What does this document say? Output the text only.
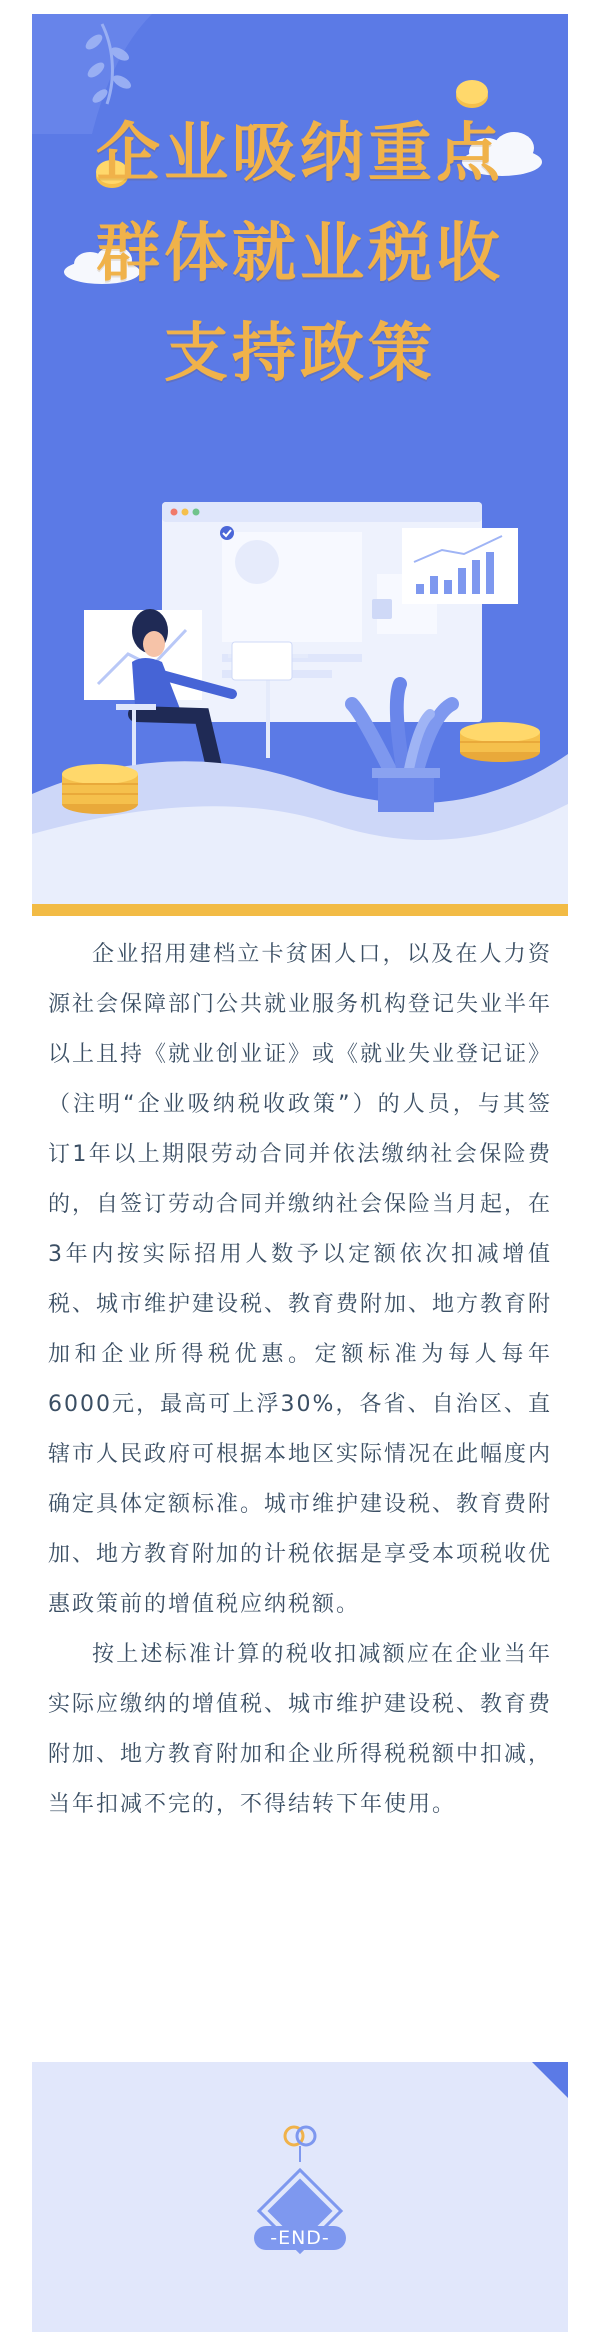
企业吸纳重点
群体就业税收
支持政策

企业招用建档立卡贫困人口，以及在人力资源社会保障部门公共就业服务机构登记失业半年以上且持《就业创业证》或《就业失业登记证》（注明“企业吸纳税收政策”）的人员，与其签订1年以上期限劳动合同并依法缴纳社会保险费的，自签订劳动合同并缴纳社会保险当月起，在3年内按实际招用人数予以定额依次扣减增值税、城市维护建设税、教育费附加、地方教育附加和企业所得税优惠。定额标准为每人每年6000元，最高可上浮30%，各省、自治区、直辖市人民政府可根据本地区实际情况在此幅度内确定具体定额标准。城市维护建设税、教育费附加、地方教育附加的计税依据是享受本项税收优惠政策前的增值税应纳税额。

按上述标准计算的税收扣减额应在企业当年实际应缴纳的增值税、城市维护建设税、教育费附加、地方教育附加和企业所得税税额中扣减，当年扣减不完的，不得结转下年使用。

-END-
